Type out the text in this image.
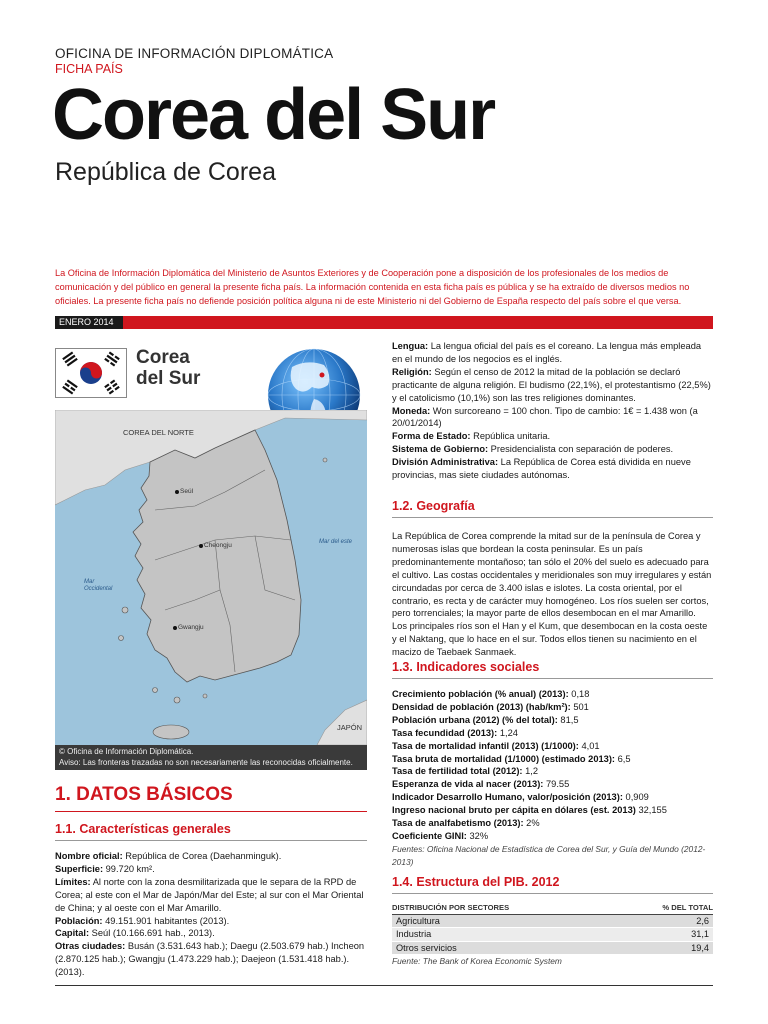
OFICINA DE INFORMACIÓN DIPLOMÁTICA
FICHA PAÍS
Corea del Sur
República de Corea
La Oficina de Información Diplomática del Ministerio de Asuntos Exteriores y de Cooperación pone a disposición de los profesionales de los medios de comunicación y del público en general la presente ficha país. La información contenida en esta ficha país es pública y se ha extraído de diversos medios no oficiales. La presente ficha país no defiende posición política alguna ni de este Ministerio ni del Gobierno de España respecto del país sobre el que versa.
ENERO 2014
Corea
del Sur
COREA DEL NORTE
JAPÓN
Mar del este
Mar
Occidental
Seúl
Cheongju
Gwangju
© Oficina de Información Diplomática.
Aviso: Las fronteras trazadas no son necesariamente las reconocidas oficialmente.
1. DATOS BÁSICOS
1.1. Características generales
Nombre oficial: República de Corea (Daehanminguk).
Superficie: 99.720 km².
Límites: Al norte con la zona desmilitarizada que le separa de la RPD de Corea; al este con el Mar de Japón/Mar del Este; al sur con el Mar Oriental de China; y al oeste con el Mar Amarillo.
Población: 49.151.901 habitantes (2013).
Capital: Seúl (10.166.691 hab., 2013).
Otras ciudades: Busán (3.531.643 hab.); Daegu (2.503.679 hab.) Incheon (2.870.125 hab.); Gwangju (1.473.229 hab.); Daejeon (1.531.418 hab.). (2013).
Lengua: La lengua oficial del país es el coreano. La lengua más empleada en el mundo de los negocios es el inglés.
Religión: Según el censo de 2012 la mitad de la población se declaró practicante de alguna religión. El budismo (22,1%), el protestantismo (22,5%) y el catolicismo (10,1%) son las tres religiones dominantes.
Moneda: Won surcoreano = 100 chon. Tipo de cambio: 1€ = 1.438 won (a 20/01/2014)
Forma de Estado: República unitaria.
Sistema de Gobierno: Presidencialista con separación de poderes.
División Administrativa: La República de Corea está dividida en nueve provincias, mas siete ciudades autónomas.
1.2. Geografía
La República de Corea comprende la mitad sur de la península de Corea y numerosas islas que bordean la costa peninsular. Es un país predominantemente montañoso; tan sólo el 20% del suelo es adecuado para el cultivo. Las costas occidentales y meridionales son muy irregulares y están circundadas por cerca de 3.400 islas e islotes. La costa oriental, por el contrario, es recta y de carácter muy homogéneo. Los ríos suelen ser cortos, pero torrenciales; la mayor parte de ellos desembocan en el mar Amarillo. Los principales ríos son el Han y el Kum, que desembocan en la costa oeste y el Naktang, que lo hace en el sur. Todos ellos tienen su nacimiento en el macizo de Taebaek Sanmaek.
1.3. Indicadores sociales
Crecimiento población (% anual) (2013): 0,18
Densidad de población (2013) (hab/km²): 501
Población urbana (2012) (% del total): 81,5
Tasa fecundidad (2013): 1,24
Tasa de mortalidad infantil (2013) (1/1000): 4,01
Tasa bruta de mortalidad (1/1000) (estimado 2013): 6,5
Tasa de fertilidad total (2012): 1,2
Esperanza de vida al nacer (2013): 79.55
Indicador Desarrollo Humano, valor/posición (2013): 0,909
Ingreso nacional bruto per cápita en dólares (est. 2013) 32,155
Tasa de analfabetismo (2013): 2%
Coeficiente GINI: 32%
Fuentes: Oficina Nacional de Estadística de Corea del Sur, y Guía del Mundo (2012-2013)
1.4. Estructura del PIB. 2012
DISTRIBUCIÓN POR SECTORES	% DEL TOTAL
Agricultura	2,6
Industria	31,1
Otros servicios	19,4
Fuente: The Bank of Korea Economic System
